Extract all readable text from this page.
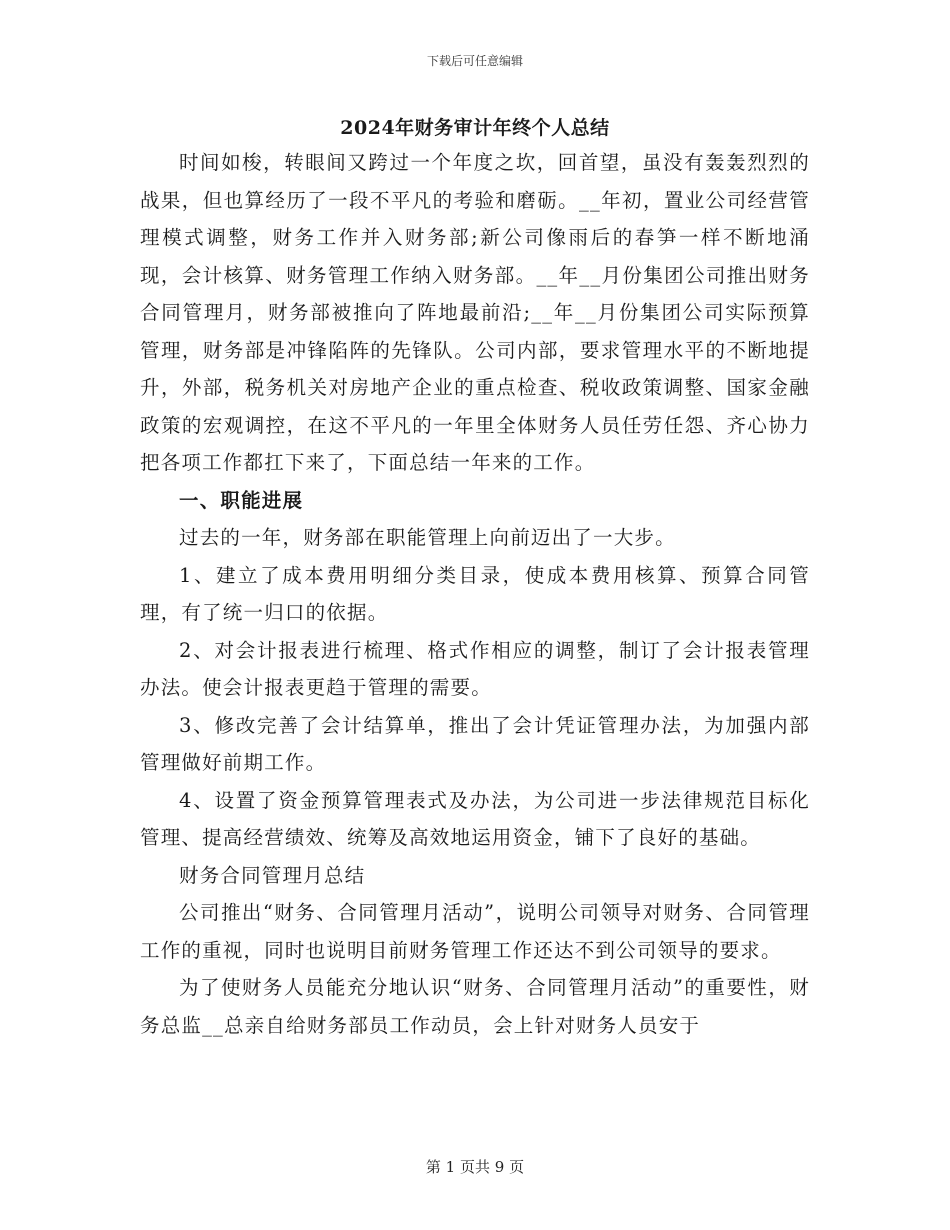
下载后可任意编辑
2024年财务审计年终个人总结

时间如梭，转眼间又跨过一个年度之坎，回首望，虽没有轰轰烈烈的战果，但也算经历了一段不平凡的考验和磨砺。__年初，置业公司经营管理模式调整，财务工作并入财务部;新公司像雨后的春笋一样不断地涌现，会计核算、财务管理工作纳入财务部。__年__月份集团公司推出财务合同管理月，财务部被推向了阵地最前沿;__年__月份集团公司实际预算管理，财务部是冲锋陷阵的先锋队。公司内部，要求管理水平的不断地提升，外部，税务机关对房地产企业的重点检查、税收政策调整、国家金融政策的宏观调控，在这不平凡的一年里全体财务人员任劳任怨、齐心协力把各项工作都扛下来了，下面总结一年来的工作。

一、职能进展

过去的一年，财务部在职能管理上向前迈出了一大步。

1、建立了成本费用明细分类目录，使成本费用核算、预算合同管理，有了统一归口的依据。

2、对会计报表进行梳理、格式作相应的调整，制订了会计报表管理办法。使会计报表更趋于管理的需要。

3、修改完善了会计结算单，推出了会计凭证管理办法，为加强内部管理做好前期工作。

4、设置了资金预算管理表式及办法，为公司进一步法律规范目标化管理、提高经营绩效、统筹及高效地运用资金，铺下了良好的基础。

财务合同管理月总结

公司推出“财务、合同管理月活动”，说明公司领导对财务、合同管理工作的重视，同时也说明目前财务管理工作还达不到公司领导的要求。

为了使财务人员能充分地认识“财务、合同管理月活动”的重要性，财务总监__总亲自给财务部员工作动员，会上针对财务人员安于

第 1 页共 9 页
